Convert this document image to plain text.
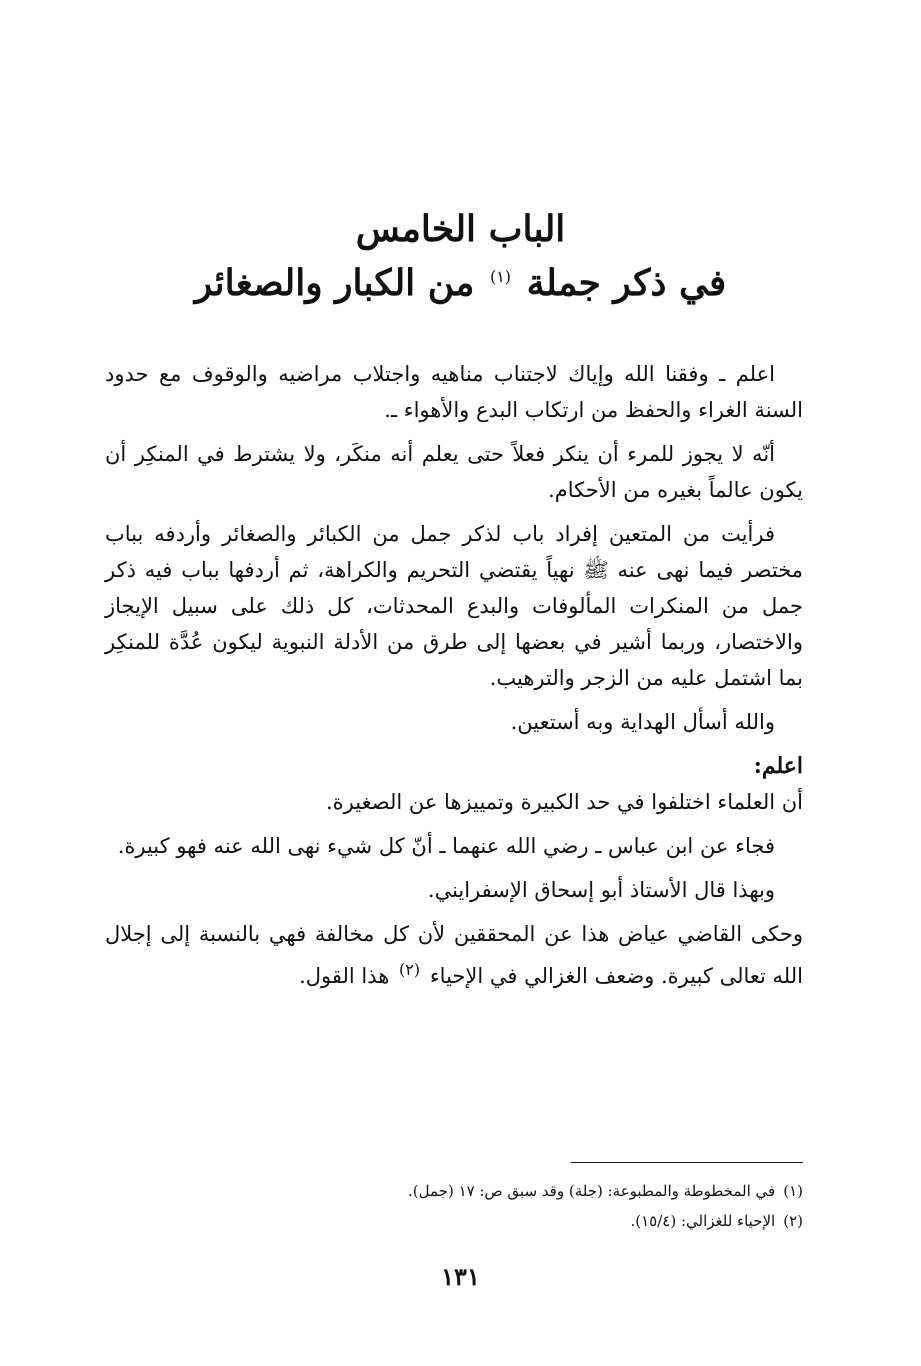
الباب الخامس
في ذكر جملة $^{(١)}$ من الكبار والصغائر

اعلم ـ وفقنا الله وإياك لاجتناب مناهيه واجتلاب مراضيه والوقوف مع حدود السنة الغراء والحفظ من ارتكاب البدع والأهواء ـ.

أنّه لا يجوز للمرء أن ينكر فعلاً حتى يعلم أنه منكَر، ولا يشترط في المنكِر أن يكون عالماً بغيره من الأحكام.

فرأيت من المتعين إفراد باب لذكر جمل من الكبائر والصغائر وأردفه بباب مختصر فيما نهى عنه ﷺ نهياً يقتضي التحريم والكراهة، ثم أردفها بباب فيه ذكر جمل من المنكرات المألوفات والبدع المحدثات، كل ذلك على سبيل الإيجاز والاختصار، وربما أشير في بعضها إلى طرق من الأدلة النبوية ليكون عُدَّة للمنكِر بما اشتمل عليه من الزجر والترهيب.

والله أسأل الهداية وبه أستعين.

اعلم:

أن العلماء اختلفوا في حد الكبيرة وتمييزها عن الصغيرة.

فجاء عن ابن عباس ـ رضي الله عنهما ـ أنّ كل شيء نهى الله عنه فهو كبيرة.

وبهذا قال الأستاذ أبو إسحاق الإسفرايني.

وحكى القاضي عياض هذا عن المحققين لأن كل مخالفة فهي بالنسبة إلى إجلال الله تعالى كبيرة. وضعف الغزالي في الإحياء $^{(٢)}$ هذا القول.

(١)في المخطوطة والمطبوعة: (جلة) وقد سبق ص: ١٧ (جمل).

(٢)الإحياء للغزالي: (١٥/٤).

١٣١
